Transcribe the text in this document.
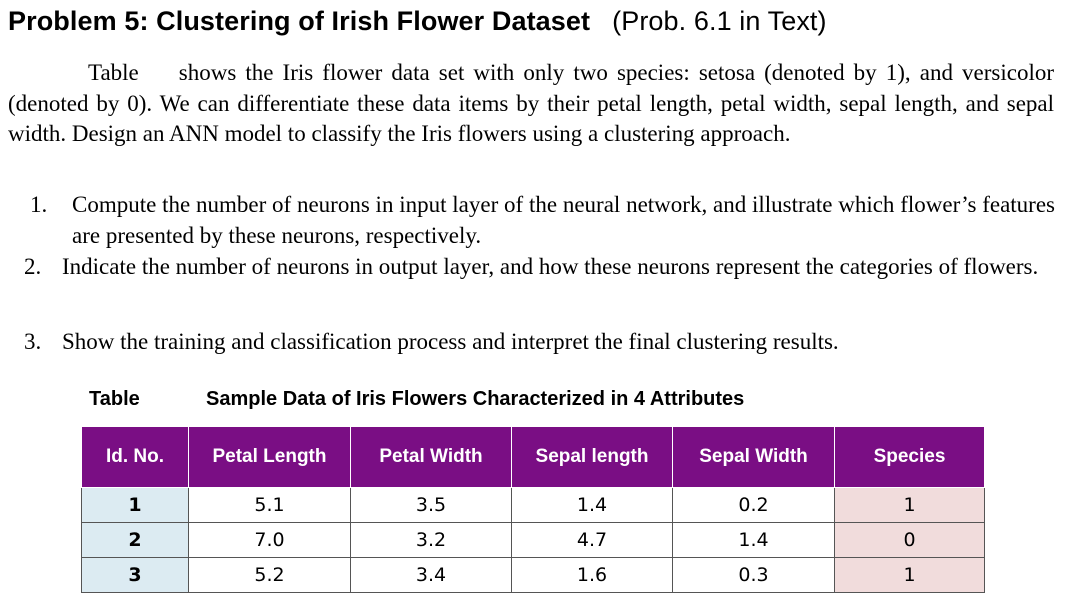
Problem 5: Clustering of Irish Flower Dataset (Prob. 6.1 in Text)
Table shows the Iris flower data set with only two species: setosa (denoted by 1), and versicolor (denoted by 0). We can differentiate these data items by their petal length, petal width, sepal length, and sepal width. Design an ANN model to classify the Iris flowers using a clustering approach.
1. Compute the number of neurons in input layer of the neural network, and illustrate which flower’s features are presented by these neurons, respectively.
2. Indicate the number of neurons in output layer, and how these neurons represent the categories of flowers.
3. Show the training and classification process and interpret the final clustering results.
Table	Sample Data of Iris Flowers Characterized in 4 Attributes
Id. No.	Petal Length	Petal Width	Sepal length	Sepal Width	Species
1	5.1	3.5	1.4	0.2	1
2	7.0	3.2	4.7	1.4	0
3	5.2	3.4	1.6	0.3	1
